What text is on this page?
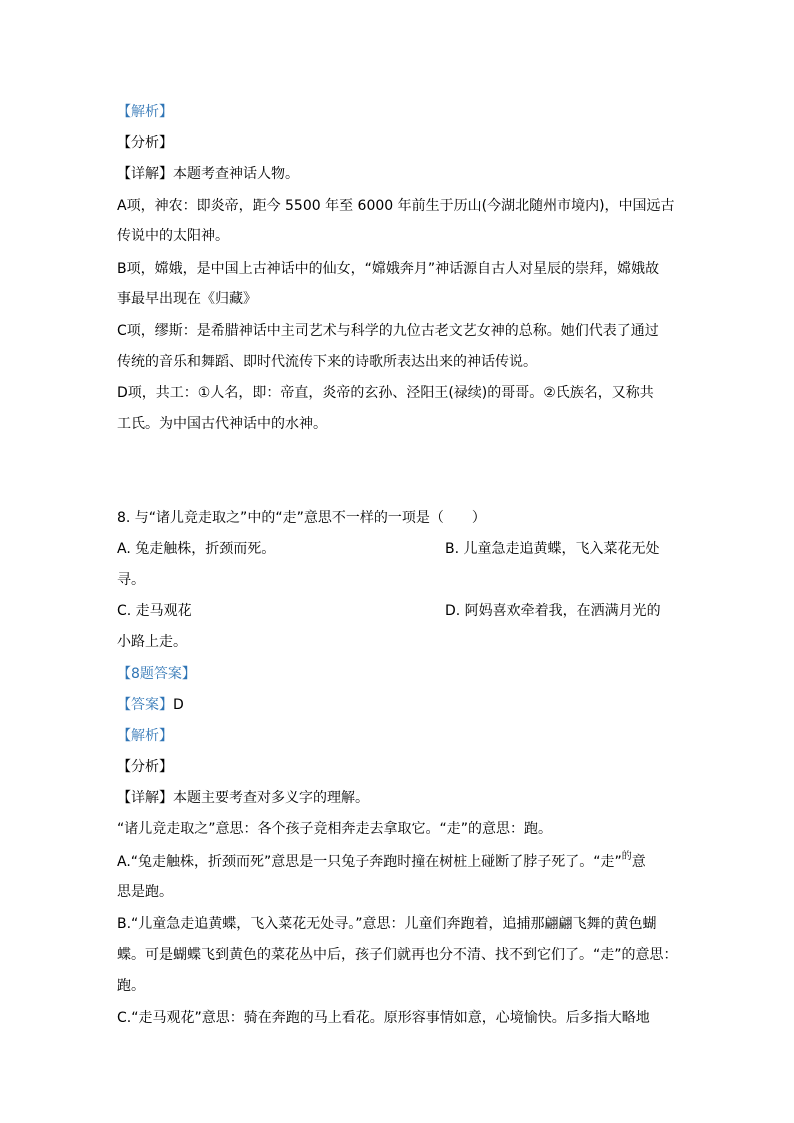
【解析】
【分析】
【详解】本题考查神话人物。
A项，神农：即炎帝，距今 5500 年至 6000 年前生于历山(今湖北随州市境内)，中国远古
传说中的太阳神。
B项，嫦娥，是中国上古神话中的仙女，“嫦娥奔月”神话源自古人对星辰的崇拜，嫦娥故
事最早出现在《归藏》
C项，缪斯：是希腊神话中主司艺术与科学的九位古老文艺女神的总称。她们代表了通过
传统的音乐和舞蹈、即时代流传下来的诗歌所表达出来的神话传说。
D项，共工：①人名，即：帝直，炎帝的玄孙、泾阳王(禄续)的哥哥。②氏族名，又称共
工氏。为中国古代神话中的水神。
8. 与“诸儿竞走取之”中的“走”意思不一样的一项是（　　）
A. 兔走触株，折颈而死。	B. 儿童急走追黄蝶，飞入菜花无处
寻。
C. 走马观花	D. 阿妈喜欢牵着我，在洒满月光的
小路上走。
【8题答案】
【答案】D
【解析】
【分析】
【详解】本题主要考查对多义字的理解。
“诸儿竞走取之”意思：各个孩子竞相奔走去拿取它。“走”的意思：跑。
A.“兔走触株，折颈而死”意思是一只兔子奔跑时撞在树桩上碰断了脖子死了。“走”$^的$意
思是跑。
B.“儿童急走追黄蝶，飞入菜花无处寻。”意思：儿童们奔跑着，追捕那翩翩飞舞的黄色蝴
蝶。可是蝴蝶飞到黄色的菜花丛中后，孩子们就再也分不清、找不到它们了。“走”的意思：
跑。
C.“走马观花”意思：骑在奔跑的马上看花。原形容事情如意，心境愉快。后多指大略地
